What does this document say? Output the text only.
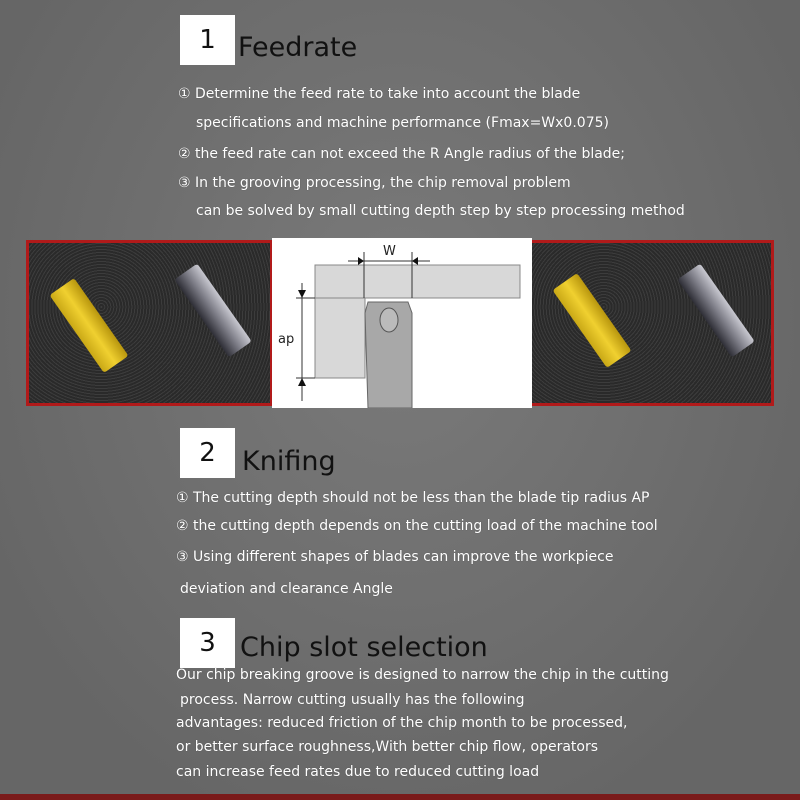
1 Feedrate
① Determine the feed rate to take into account the blade
specifications and machine performance (Fmax=Wx0.075)
② the feed rate can not exceed the R Angle radius of the blade;
③ In the grooving processing, the chip removal problem
can be solved by small cutting depth step by step processing method
W
ap
2 Knifing
① The cutting depth should not be less than the blade tip radius AP
② the cutting depth depends on the cutting load of the machine tool
③ Using different shapes of blades can improve the workpiece
deviation and clearance Angle
3 Chip slot selection
Our chip breaking groove is designed to narrow the chip in the cutting
process. Narrow cutting usually has the following
advantages: reduced friction of the chip month to be processed,
or better surface roughness,With better chip flow, operators
can increase feed rates due to reduced cutting load
